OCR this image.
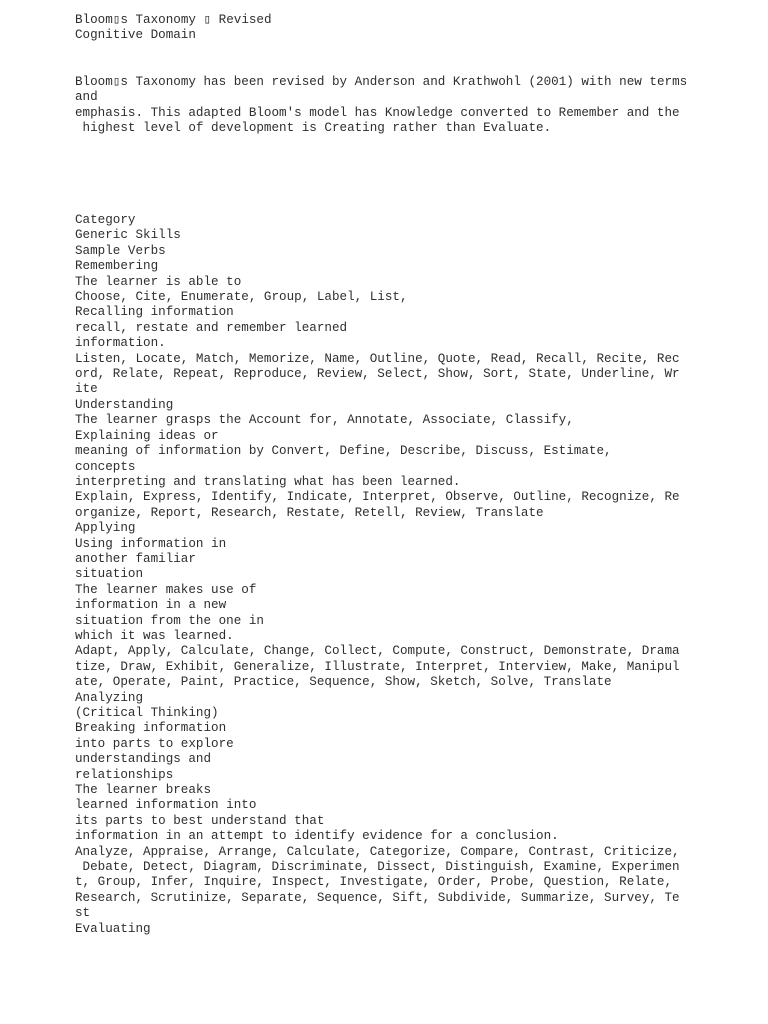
Bloom▯s Taxonomy ▯ Revised
Cognitive Domain
Bloom▯s Taxonomy has been revised by Anderson and Krathwohl (2001) with new terms
and
emphasis. This adapted Bloom's model has Knowledge converted to Remember and the
highest level of development is Creating rather than Evaluate.
Category
Generic Skills
Sample Verbs
Remembering
The learner is able to
Choose, Cite, Enumerate, Group, Label, List,
Recalling information
recall, restate and remember learned
information.
Listen, Locate, Match, Memorize, Name, Outline, Quote, Read, Recall, Recite, Rec
ord, Relate, Repeat, Reproduce, Review, Select, Show, Sort, State, Underline, Wr
ite
Understanding
The learner grasps the Account for, Annotate, Associate, Classify,
Explaining ideas or
meaning of information by Convert, Define, Describe, Discuss, Estimate,
concepts
interpreting and translating what has been learned.
Explain, Express, Identify, Indicate, Interpret, Observe, Outline, Recognize, Re
organize, Report, Research, Restate, Retell, Review, Translate
Applying
Using information in
another familiar
situation
The learner makes use of
information in a new
situation from the one in
which it was learned.
Adapt, Apply, Calculate, Change, Collect, Compute, Construct, Demonstrate, Drama
tize, Draw, Exhibit, Generalize, Illustrate, Interpret, Interview, Make, Manipul
ate, Operate, Paint, Practice, Sequence, Show, Sketch, Solve, Translate
Analyzing
(Critical Thinking)
Breaking information
into parts to explore
understandings and
relationships
The learner breaks
learned information into
its parts to best understand that
information in an attempt to identify evidence for a conclusion.
Analyze, Appraise, Arrange, Calculate, Categorize, Compare, Contrast, Criticize,
Debate, Detect, Diagram, Discriminate, Dissect, Distinguish, Examine, Experimen
t, Group, Infer, Inquire, Inspect, Investigate, Order, Probe, Question, Relate,
Research, Scrutinize, Separate, Sequence, Sift, Subdivide, Summarize, Survey, Te
st
Evaluating
